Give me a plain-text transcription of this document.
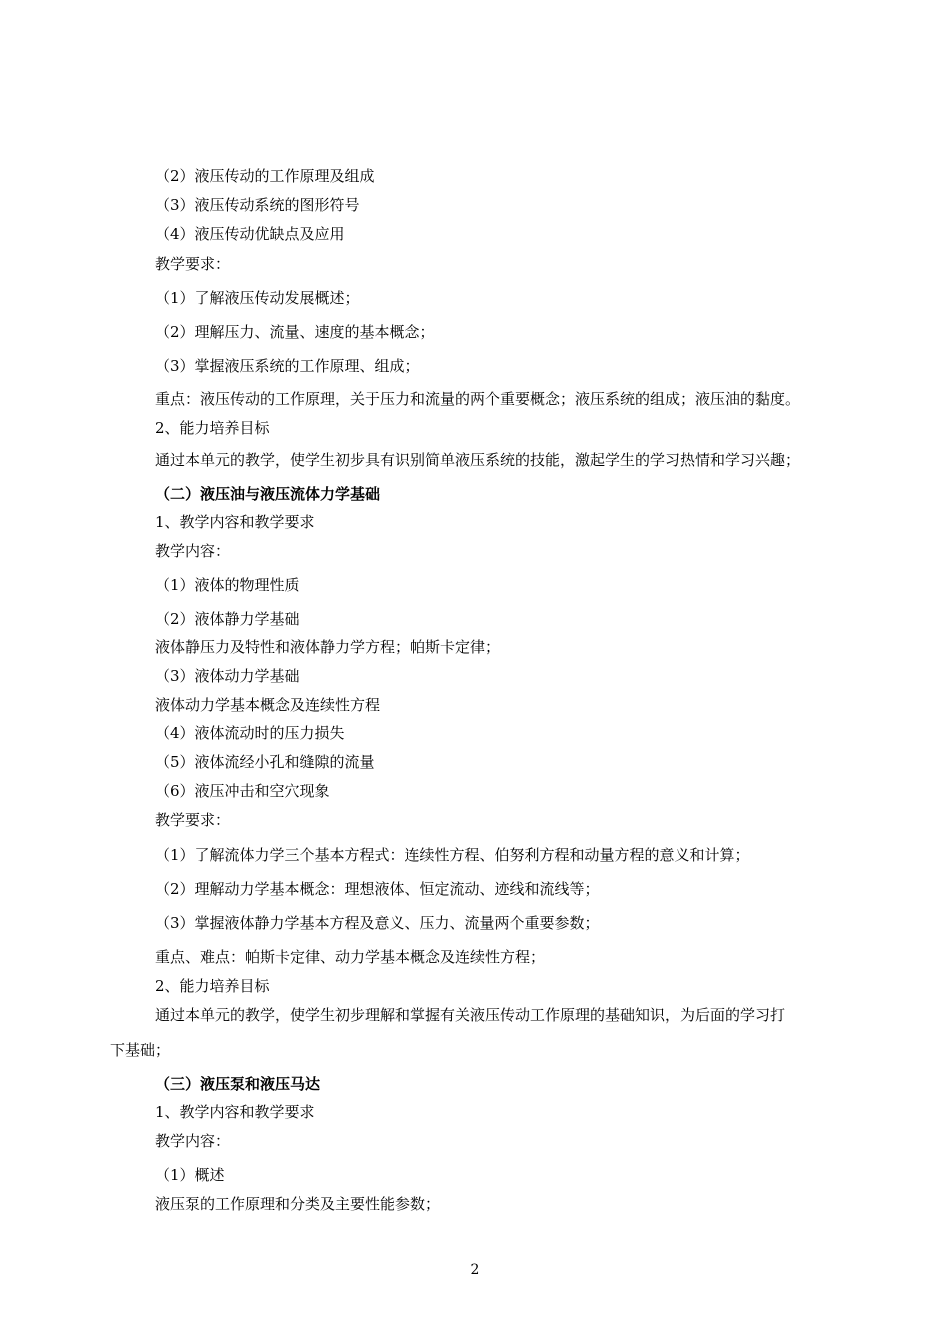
（2）液压传动的工作原理及组成
（3）液压传动系统的图形符号
（4）液压传动优缺点及应用
教学要求：
（1）了解液压传动发展概述；
（2）理解压力、流量、速度的基本概念；
（3）掌握液压系统的工作原理、组成；
重点：液压传动的工作原理，关于压力和流量的两个重要概念；液压系统的组成；液压油的黏度。
2、能力培养目标
通过本单元的教学，使学生初步具有识别简单液压系统的技能，激起学生的学习热情和学习兴趣；
（二）液压油与液压流体力学基础
1、教学内容和教学要求
教学内容：
（1）液体的物理性质
（2）液体静力学基础
液体静压力及特性和液体静力学方程；帕斯卡定律；
（3）液体动力学基础
液体动力学基本概念及连续性方程
（4）液体流动时的压力损失
（5）液体流经小孔和缝隙的流量
（6）液压冲击和空穴现象
教学要求：
（1）了解流体力学三个基本方程式：连续性方程、伯努利方程和动量方程的意义和计算；
（2）理解动力学基本概念：理想液体、恒定流动、迹线和流线等；
（3）掌握液体静力学基本方程及意义、压力、流量两个重要参数；
重点、难点：帕斯卡定律、动力学基本概念及连续性方程；
2、能力培养目标
通过本单元的教学，使学生初步理解和掌握有关液压传动工作原理的基础知识，为后面的学习打
下基础；
（三）液压泵和液压马达
1、教学内容和教学要求
教学内容：
（1）概述
液压泵的工作原理和分类及主要性能参数；
2
